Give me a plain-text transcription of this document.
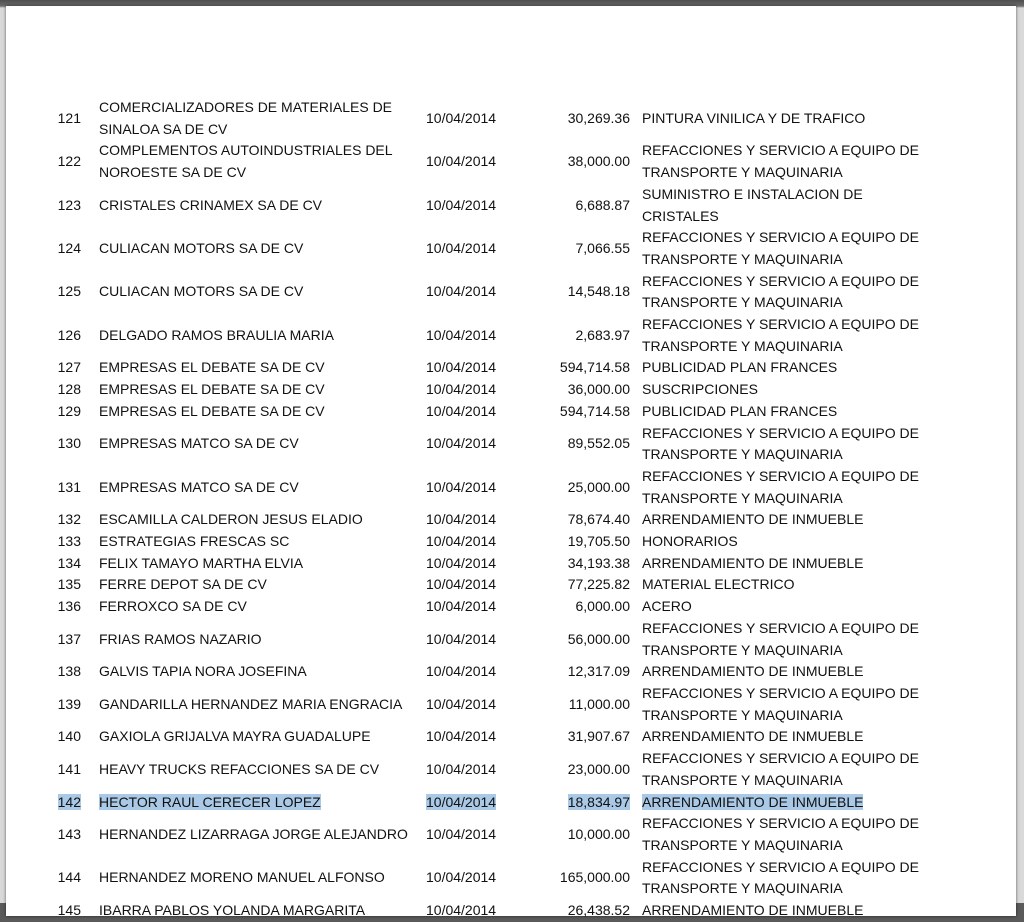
121	COMERCIALIZADORES DE MATERIALES DE SINALOA SA DE CV	10/04/2014	30,269.36		PINTURA VINILICA Y DE TRAFICO
122	COMPLEMENTOS AUTOINDUSTRIALES DEL NOROESTE SA DE CV	10/04/2014	38,000.00		REFACCIONES Y SERVICIO A EQUIPO DE TRANSPORTE Y MAQUINARIA
123	CRISTALES CRINAMEX SA DE CV	10/04/2014	6,688.87		SUMINISTRO E INSTALACION DE CRISTALES
124	CULIACAN MOTORS SA DE CV	10/04/2014	7,066.55		REFACCIONES Y SERVICIO A EQUIPO DE TRANSPORTE Y MAQUINARIA
125	CULIACAN MOTORS SA DE CV	10/04/2014	14,548.18		REFACCIONES Y SERVICIO A EQUIPO DE TRANSPORTE Y MAQUINARIA
126	DELGADO RAMOS BRAULIA MARIA	10/04/2014	2,683.97		REFACCIONES Y SERVICIO A EQUIPO DE TRANSPORTE Y MAQUINARIA
127	EMPRESAS EL DEBATE SA DE CV	10/04/2014	594,714.58		PUBLICIDAD PLAN FRANCES
128	EMPRESAS EL DEBATE SA DE CV	10/04/2014	36,000.00		SUSCRIPCIONES
129	EMPRESAS EL DEBATE SA DE CV	10/04/2014	594,714.58		PUBLICIDAD PLAN FRANCES
130	EMPRESAS MATCO SA DE CV	10/04/2014	89,552.05		REFACCIONES Y SERVICIO A EQUIPO DE TRANSPORTE Y MAQUINARIA
131	EMPRESAS MATCO SA DE CV	10/04/2014	25,000.00		REFACCIONES Y SERVICIO A EQUIPO DE TRANSPORTE Y MAQUINARIA
132	ESCAMILLA CALDERON JESUS ELADIO	10/04/2014	78,674.40		ARRENDAMIENTO DE INMUEBLE
133	ESTRATEGIAS FRESCAS SC	10/04/2014	19,705.50		HONORARIOS
134	FELIX TAMAYO MARTHA ELVIA	10/04/2014	34,193.38		ARRENDAMIENTO DE INMUEBLE
135	FERRE DEPOT SA DE CV	10/04/2014	77,225.82		MATERIAL ELECTRICO
136	FERROXCO SA DE CV	10/04/2014	6,000.00		ACERO
137	FRIAS RAMOS NAZARIO	10/04/2014	56,000.00		REFACCIONES Y SERVICIO A EQUIPO DE TRANSPORTE Y MAQUINARIA
138	GALVIS TAPIA NORA JOSEFINA	10/04/2014	12,317.09		ARRENDAMIENTO DE INMUEBLE
139	GANDARILLA HERNANDEZ MARIA ENGRACIA	10/04/2014	11,000.00		REFACCIONES Y SERVICIO A EQUIPO DE TRANSPORTE Y MAQUINARIA
140	GAXIOLA GRIJALVA MAYRA GUADALUPE	10/04/2014	31,907.67		ARRENDAMIENTO DE INMUEBLE
141	HEAVY TRUCKS REFACCIONES SA DE CV	10/04/2014	23,000.00		REFACCIONES Y SERVICIO A EQUIPO DE TRANSPORTE Y MAQUINARIA
142	HECTOR RAUL CERECER LOPEZ	10/04/2014	18,834.97		ARRENDAMIENTO DE INMUEBLE
143	HERNANDEZ LIZARRAGA JORGE ALEJANDRO	10/04/2014	10,000.00		REFACCIONES Y SERVICIO A EQUIPO DE TRANSPORTE Y MAQUINARIA
144	HERNANDEZ MORENO MANUEL ALFONSO	10/04/2014	165,000.00		REFACCIONES Y SERVICIO A EQUIPO DE TRANSPORTE Y MAQUINARIA
145	IBARRA PABLOS YOLANDA MARGARITA	10/04/2014	26,438.52		ARRENDAMIENTO DE INMUEBLE
